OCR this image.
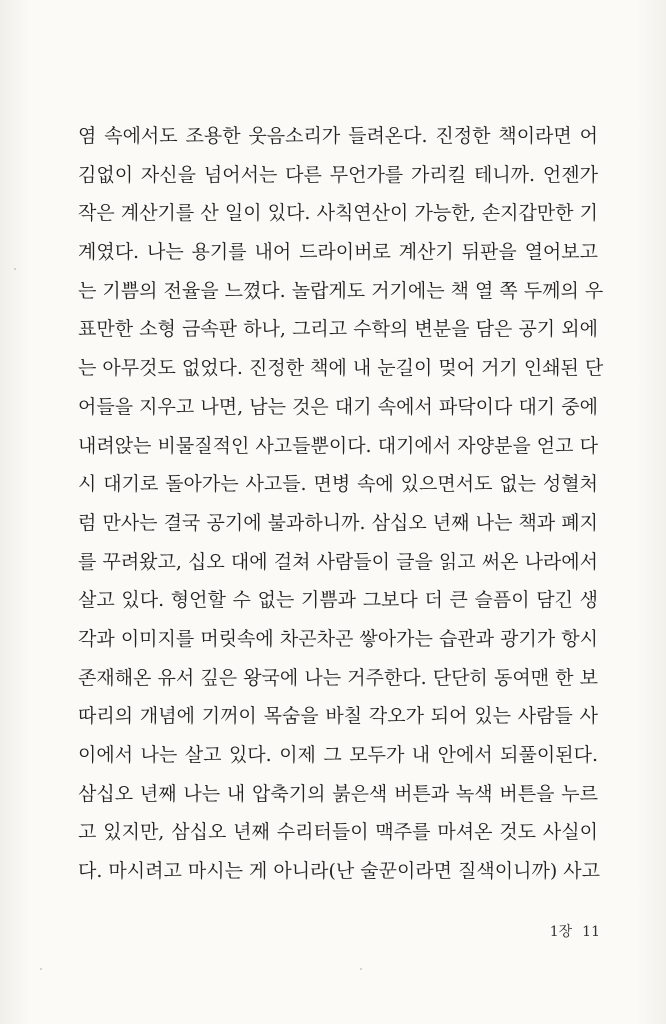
염 속에서도 조용한 웃음소리가 들려온다. 진정한 책이라면 어
김없이 자신을 넘어서는 다른 무언가를 가리킬 테니까. 언젠가
작은 계산기를 산 일이 있다. 사칙연산이 가능한, 손지갑만한 기
계였다. 나는 용기를 내어 드라이버로 계산기 뒤판을 열어보고
는 기쁨의 전율을 느꼈다. 놀랍게도 거기에는 책 열 쪽 두께의 우
표만한 소형 금속판 하나, 그리고 수학의 변분을 담은 공기 외에
는 아무것도 없었다. 진정한 책에 내 눈길이 멎어 거기 인쇄된 단
어들을 지우고 나면, 남는 것은 대기 속에서 파닥이다 대기 중에
내려앉는 비물질적인 사고들뿐이다. 대기에서 자양분을 얻고 다
시 대기로 돌아가는 사고들. 면병 속에 있으면서도 없는 성혈처
럼 만사는 결국 공기에 불과하니까. 삼십오 년째 나는 책과 폐지
를 꾸려왔고, 십오 대에 걸쳐 사람들이 글을 읽고 써온 나라에서
살고 있다. 형언할 수 없는 기쁨과 그보다 더 큰 슬픔이 담긴 생
각과 이미지를 머릿속에 차곤차곤 쌓아가는 습관과 광기가 항시
존재해온 유서 깊은 왕국에 나는 거주한다. 단단히 동여맨 한 보
따리의 개념에 기꺼이 목숨을 바칠 각오가 되어 있는 사람들 사
이에서 나는 살고 있다. 이제 그 모두가 내 안에서 되풀이된다.
삼십오 년째 나는 내 압축기의 붉은색 버튼과 녹색 버튼을 누르
고 있지만, 삼십오 년째 수리터들이 맥주를 마셔온 것도 사실이
다. 마시려고 마시는 게 아니라(난 술꾼이라면 질색이니까) 사고
1장 11
